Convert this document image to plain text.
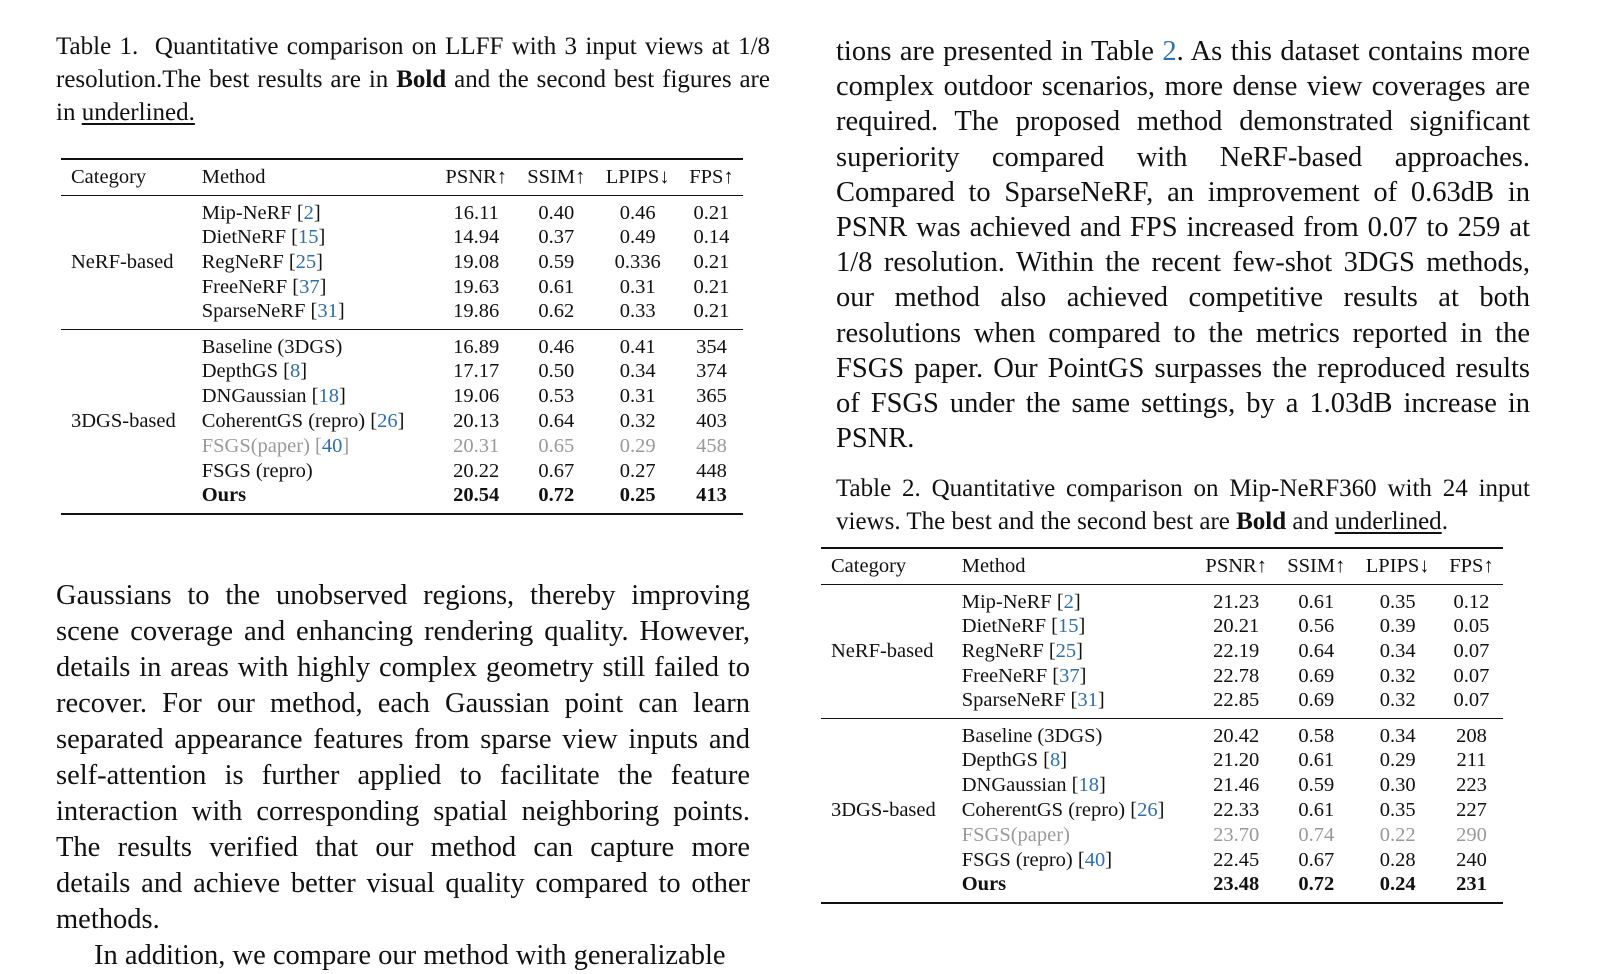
Table 1. Quantitative comparison on LLFF with 3 input views at 1/8 resolution.The best results are in Bold and the second best figures are in underlined.
Category	Method	PSNR↑	SSIM↑	LPIPS↓	FPS↑
	Mip-NeRF [2]	16.11	0.40	0.46	0.21
	DietNeRF [15]	14.94	0.37	0.49	0.14
NeRF-based	RegNeRF [25]	19.08	0.59	0.336	0.21
	FreeNeRF [37]	19.63	0.61	0.31	0.21
	SparseNeRF [31]	19.86	0.62	0.33	0.21
	Baseline (3DGS)	16.89	0.46	0.41	354
	DepthGS [8]	17.17	0.50	0.34	374
	DNGaussian [18]	19.06	0.53	0.31	365
3DGS-based	CoherentGS (repro) [26]	20.13	0.64	0.32	403
	FSGS(paper) [40]	20.31	0.65	0.29	458
	FSGS (repro)	20.22	0.67	0.27	448
	Ours	20.54	0.72	0.25	413

Gaussians to the unobserved regions, thereby improving scene coverage and enhancing rendering quality. However, details in areas with highly complex geometry still failed to recover. For our method, each Gaussian point can learn separated appearance features from sparse view inputs and self-attention is further applied to facilitate the feature interaction with corresponding spatial neighboring points. The results verified that our method can capture more details and achieve better visual quality compared to other methods.

In addition, we compare our method with generalizable

tions are presented in Table 2. As this dataset contains more complex outdoor scenarios, more dense view coverages are required. The proposed method demonstrated significant superiority compared with NeRF-based approaches. Compared to SparseNeRF, an improvement of 0.63dB in PSNR was achieved and FPS increased from 0.07 to 259 at 1/8 resolution. Within the recent few-shot 3DGS methods, our method also achieved competitive results at both resolutions when compared to the metrics reported in the FSGS paper. Our PointGS surpasses the reproduced results of FSGS under the same settings, by a 1.03dB increase in PSNR.
Table 2. Quantitative comparison on Mip-NeRF360 with 24 input views. The best and the second best are Bold and underlined.
Category	Method	PSNR↑	SSIM↑	LPIPS↓	FPS↑
	Mip-NeRF [2]	21.23	0.61	0.35	0.12
	DietNeRF [15]	20.21	0.56	0.39	0.05
NeRF-based	RegNeRF [25]	22.19	0.64	0.34	0.07
	FreeNeRF [37]	22.78	0.69	0.32	0.07
	SparseNeRF [31]	22.85	0.69	0.32	0.07
	Baseline (3DGS)	20.42	0.58	0.34	208
	DepthGS [8]	21.20	0.61	0.29	211
	DNGaussian [18]	21.46	0.59	0.30	223
3DGS-based	CoherentGS (repro) [26]	22.33	0.61	0.35	227
	FSGS(paper)	23.70	0.74	0.22	290
	FSGS (repro) [40]	22.45	0.67	0.28	240
	Ours	23.48	0.72	0.24	231
